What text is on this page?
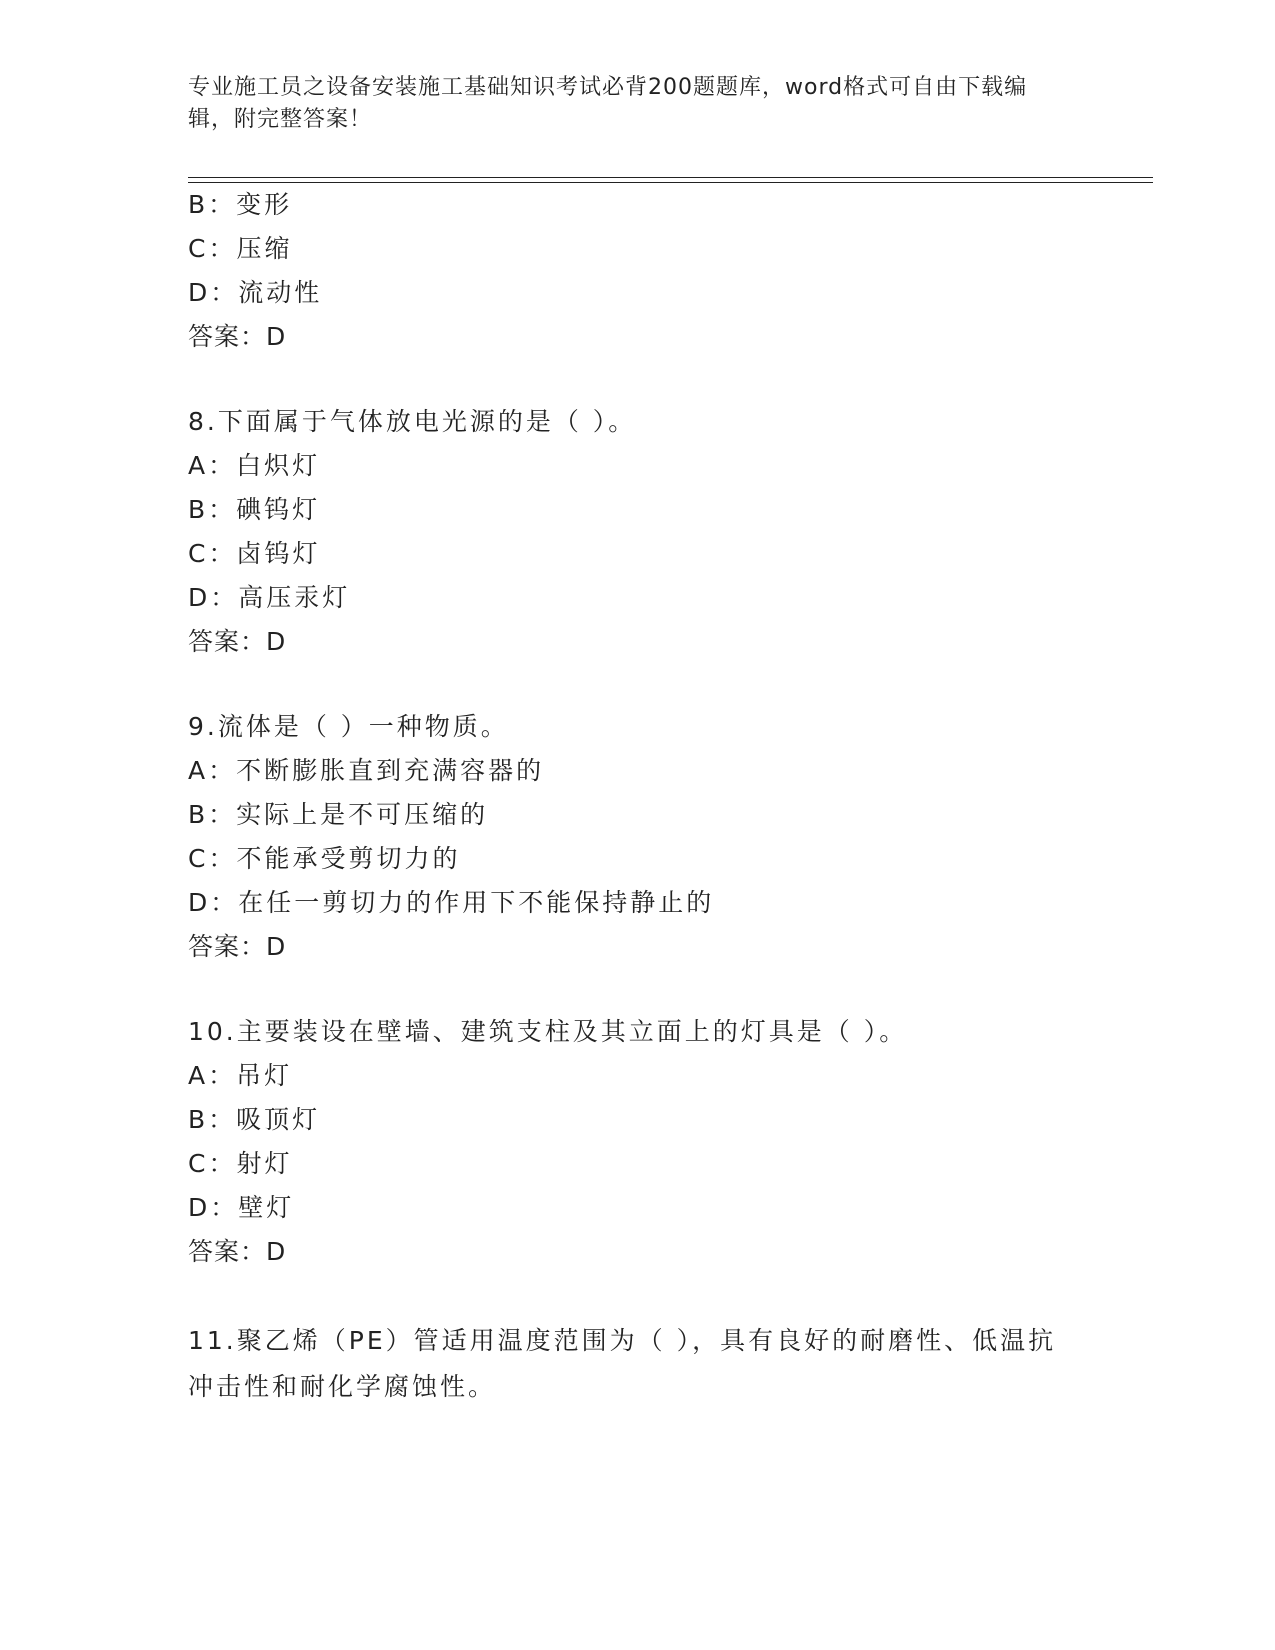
专业施工员之设备安装施工基础知识考试必背200题题库，word格式可自由下载编辑，附完整答案！
B：变形
C：压缩
D：流动性
答案：D
8.下面属于气体放电光源的是（ ）。
A：白炽灯
B：碘钨灯
C：卤钨灯
D：高压汞灯
答案：D
9.流体是（ ）一种物质。
A：不断膨胀直到充满容器的
B：实际上是不可压缩的
C：不能承受剪切力的
D：在任一剪切力的作用下不能保持静止的
答案：D
10.主要装设在壁墙、建筑支柱及其立面上的灯具是（ ）。
A：吊灯
B：吸顶灯
C：射灯
D：壁灯
答案：D
11.聚乙烯（PE）管适用温度范围为（ ），具有良好的耐磨性、低温抗冲击性和耐化学腐蚀性。
